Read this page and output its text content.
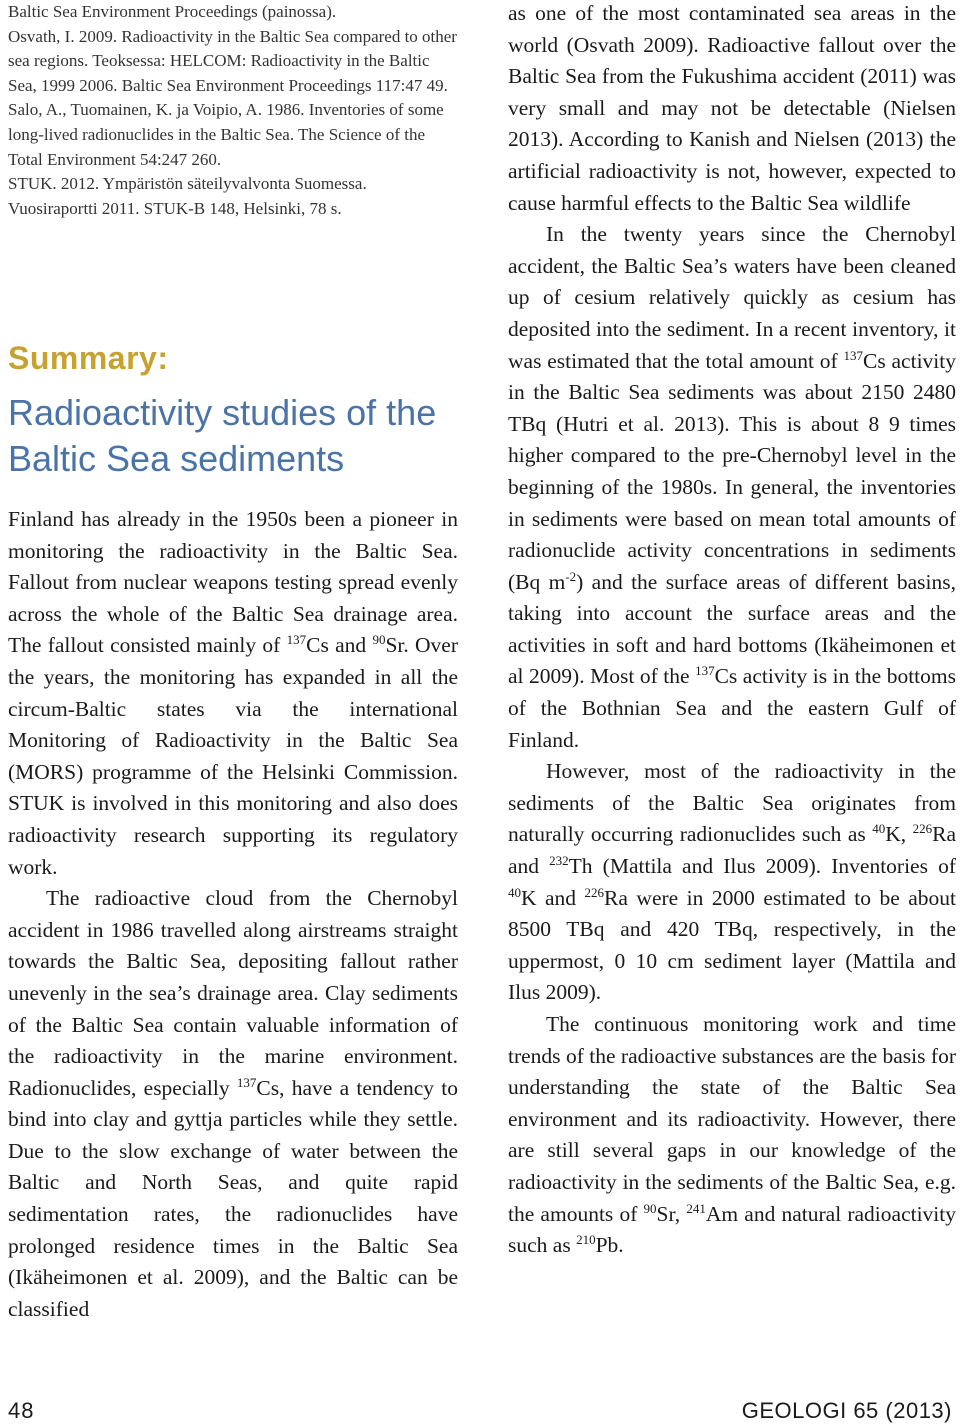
Baltic Sea Environment Proceedings (painossa).

Osvath, I. 2009. Radioactivity in the Baltic Sea compared to other sea regions. Teoksessa: HELCOM: Radioactivity in the Baltic Sea, 1999 2006. Baltic Sea Environment Proceedings 117:47 49.

Salo, A., Tuomainen, K. ja Voipio, A. 1986. Inventories of some long-lived radionuclides in the Baltic Sea. The Science of the Total Environment 54:247 260.

STUK. 2012. Ympäristön säteilyvalvonta Suomessa. Vuosiraportti 2011. STUK-B 148, Helsinki, 78 s.

Summary:
Radioactivity studies of the Baltic Sea sediments

Finland has already in the 1950s been a pioneer in monitoring the radioactivity in the Baltic Sea. Fallout from nuclear weapons testing spread evenly across the whole of the Baltic Sea drainage area. The fallout consisted mainly of $^{137}$Cs and $^{90}$Sr. Over the years, the monitoring has expanded in all the circum-Baltic states via the international Monitoring of Radioactivity in the Baltic Sea (MORS) programme of the Helsinki Commission. STUK is involved in this monitoring and also does radioactivity research supporting its regulatory work.

The radioactive cloud from the Chernobyl accident in 1986 travelled along airstreams straight towards the Baltic Sea, depositing fallout rather unevenly in the sea’s drainage area. Clay sediments of the Baltic Sea contain valuable information of the radioactivity in the marine environment. Radionuclides, especially $^{137}$Cs, have a tendency to bind into clay and gyttja particles while they settle. Due to the slow exchange of water between the Baltic and North Seas, and quite rapid sedimentation rates, the radionuclides have prolonged residence times in the Baltic Sea (Ikäheimonen et al. 2009), and the Baltic can be classified

as one of the most contaminated sea areas in the world (Osvath 2009). Radioactive fallout over the Baltic Sea from the Fukushima accident (2011) was very small and may not be detectable (Nielsen 2013). According to Kanish and Nielsen (2013) the artificial radioactivity is not, however, expected to cause harmful effects to the Baltic Sea wildlife

In the twenty years since the Chernobyl accident, the Baltic Sea’s waters have been cleaned up of cesium relatively quickly as cesium has deposited into the sediment. In a recent inventory, it was estimated that the total amount of $^{137}$Cs activity in the Baltic Sea sediments was about 2150 2480 TBq (Hutri et al. 2013). This is about 8 9 times higher compared to the pre-Chernobyl level in the beginning of the 1980s. In general, the inventories in sediments were based on mean total amounts of radionuclide activity concentrations in sediments (Bq $m^{-2}$) and the surface areas of different basins, taking into account the surface areas and the activities in soft and hard bottoms (Ikäheimonen et al 2009). Most of the $^{137}$Cs activity is in the bottoms of the Bothnian Sea and the eastern Gulf of Finland.

However, most of the radioactivity in the sediments of the Baltic Sea originates from naturally occurring radionuclides such as $^{40}$K, $^{226}$Ra and $^{232}$Th (Mattila and Ilus 2009). Inventories of $^{40}$K and $^{226}$Ra were in 2000 estimated to be about 8500 TBq and 420 TBq, respectively, in the uppermost, 0 10 cm sediment layer (Mattila and Ilus 2009).

The continuous monitoring work and time trends of the radioactive substances are the basis for understanding the state of the Baltic Sea environment and its radioactivity. However, there are still several gaps in our knowledge of the radioactivity in the sediments of the Baltic Sea, e.g. the amounts of $^{90}$Sr, $^{241}$Am and natural radioactivity such as $^{210}$Pb.

48	GEOLOGI 65 (2013)
